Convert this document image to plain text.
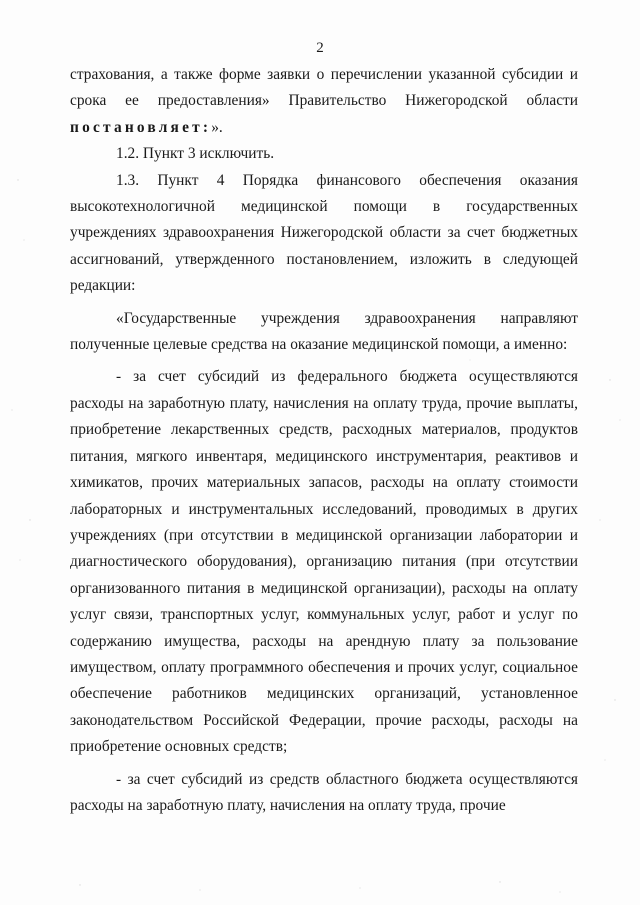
2

страхования, а также форме заявки о перечислении указанной субсидии и срока ее предоставления» Правительство Нижегородской области постановляет:».

1.2. Пункт 3 исключить.

1.3. Пункт 4 Порядка финансового обеспечения оказания высокотехнологичной медицинской помощи в государственных учреждениях здравоохранения Нижегородской области за счет бюджетных ассигнований, утвержденного постановлением, изложить в следующей редакции:

«Государственные учреждения здравоохранения направляют полученные целевые средства на оказание медицинской помощи, а именно:

- за счет субсидий из федерального бюджета осуществляются расходы на заработную плату, начисления на оплату труда, прочие выплаты, приобретение лекарственных средств, расходных материалов, продуктов питания, мягкого инвентаря, медицинского инструментария, реактивов и химикатов, прочих материальных запасов, расходы на оплату стоимости лабораторных и инструментальных исследований, проводимых в других учреждениях (при отсутствии в медицинской организации лаборатории и диагностического оборудования), организацию питания (при отсутствии организованного питания в медицинской организации), расходы на оплату услуг связи, транспортных услуг, коммунальных услуг, работ и услуг по содержанию имущества, расходы на арендную плату за пользование имуществом, оплату программного обеспечения и прочих услуг, социальное обеспечение работников медицинских организаций, установленное законодательством Российской Федерации, прочие расходы, расходы на приобретение основных средств;

- за счет субсидий из средств областного бюджета осуществляются расходы на заработную плату, начисления на оплату труда, прочие
